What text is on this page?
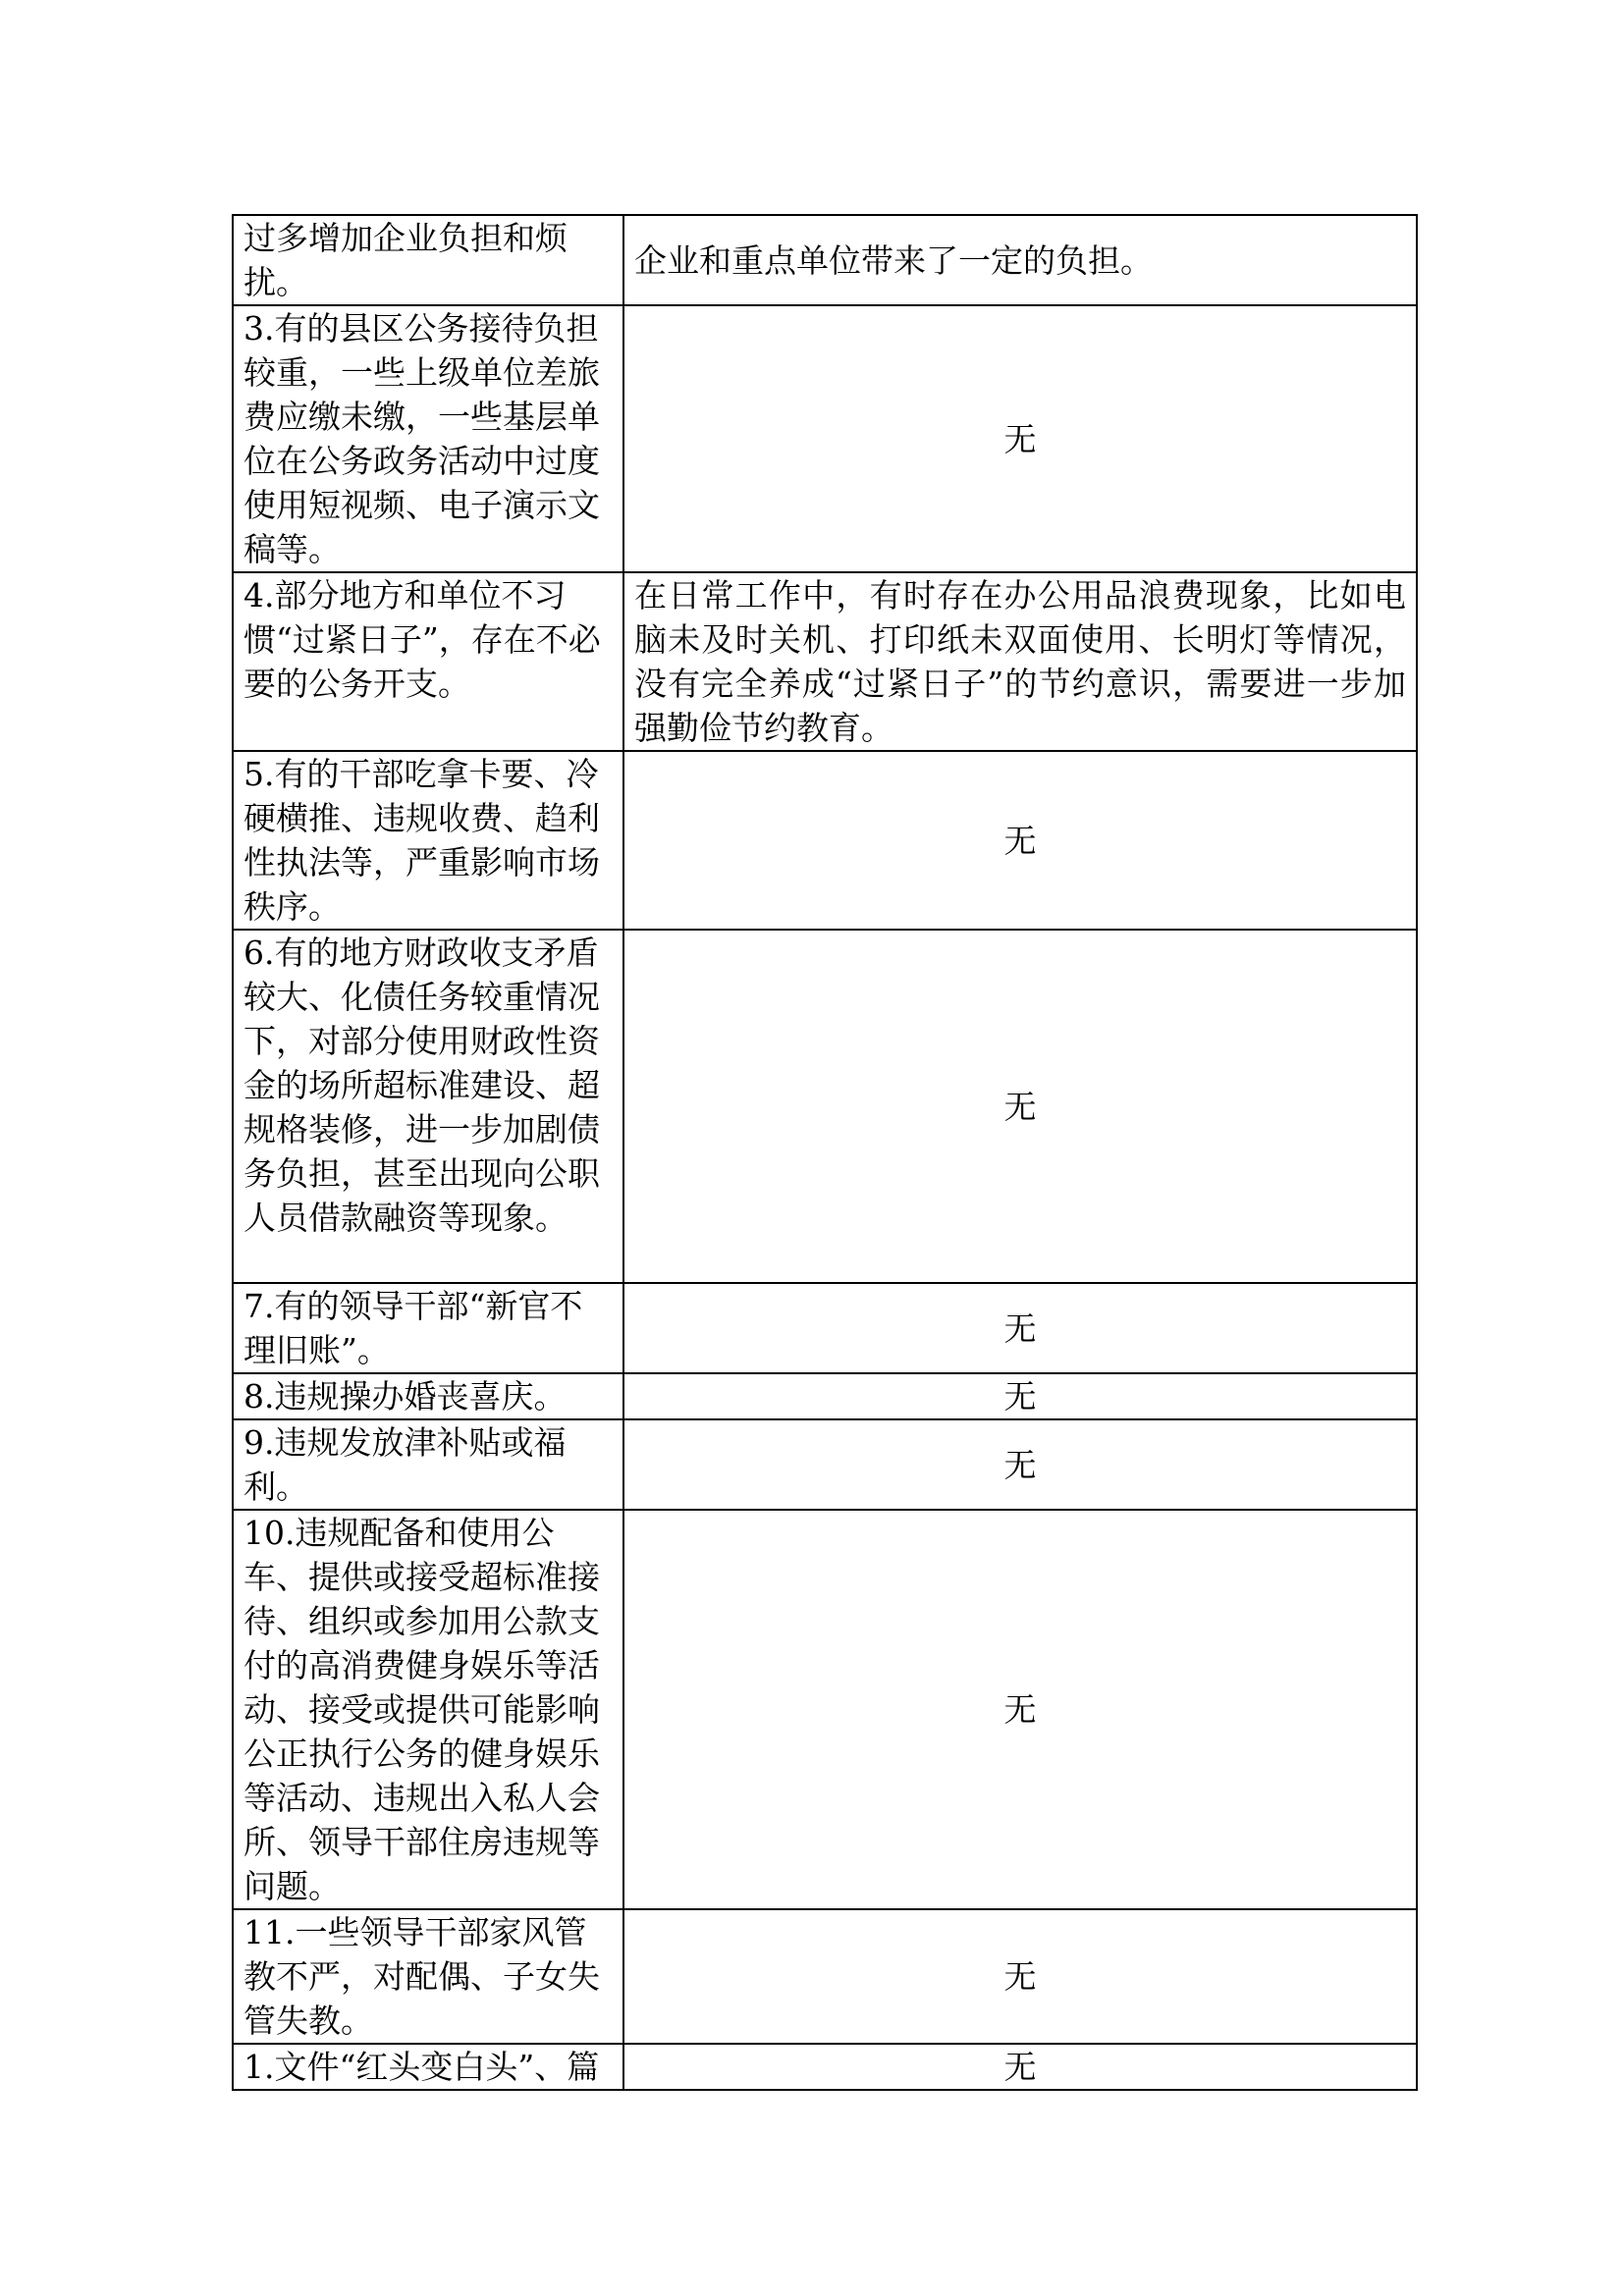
过多增加企业负担和烦扰。	企业和重点单位带来了一定的负担。
3.有的县区公务接待负担较重，一些上级单位差旅费应缴未缴，一些基层单位在公务政务活动中过度使用短视频、电子演示文稿等。	无
4.部分地方和单位不习惯“过紧日子”，存在不必要的公务开支。	在日常工作中，有时存在办公用品浪费现象，比如电脑未及时关机、打印纸未双面使用、长明灯等情况，没有完全养成“过紧日子”的节约意识，需要进一步加强勤俭节约教育。
5.有的干部吃拿卡要、冷硬横推、违规收费、趋利性执法等，严重影响市场秩序。	无
6.有的地方财政收支矛盾较大、化债任务较重情况下，对部分使用财政性资金的场所超标准建设、超规格装修，进一步加剧债务负担，甚至出现向公职人员借款融资等现象。	无
7.有的领导干部“新官不理旧账”。	无
8.违规操办婚丧喜庆。	无
9.违规发放津补贴或福利。	无
10.违规配备和使用公车、提供或接受超标准接待、组织或参加用公款支付的高消费健身娱乐等活动、接受或提供可能影响公正执行公务的健身娱乐等活动、违规出入私人会所、领导干部住房违规等问题。	无
11.一些领导干部家风管教不严，对配偶、子女失管失教。	无
1.文件“红头变白头”、篇	无
